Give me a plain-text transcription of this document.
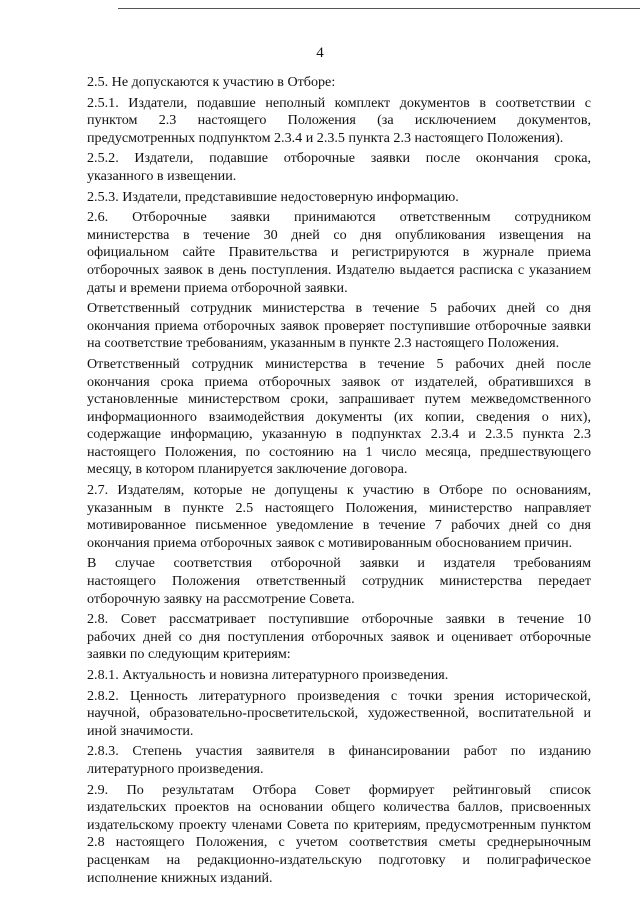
4

2.5. Не допускаются к участию в Отборе:

2.5.1. Издатели, подавшие неполный комплект документов в соответствии с
пунктом 2.3 настоящего Положения (за исключением документов,
предусмотренных подпунктом 2.3.4 и 2.3.5 пункта 2.3 настоящего Положения).

2.5.2. Издатели, подавшие отборочные заявки после окончания срока,
указанного в извещении.

2.5.3. Издатели, представившие недостоверную информацию.

2.6. Отборочные заявки принимаются ответственным сотрудником
министерства в течение 30 дней со дня опубликования извещения на
официальном сайте Правительства и регистрируются в журнале приема
отборочных заявок в день поступления. Издателю выдается расписка с указанием
даты и времени приема отборочной заявки.

Ответственный сотрудник министерства в течение 5 рабочих дней со дня
окончания приема отборочных заявок проверяет поступившие отборочные заявки
на соответствие требованиям, указанным в пункте 2.3 настоящего Положения.

Ответственный сотрудник министерства в течение 5 рабочих дней после
окончания срока приема отборочных заявок от издателей, обратившихся в
установленные министерством сроки, запрашивает путем межведомственного
информационного взаимодействия документы (их копии, сведения о них),
содержащие информацию, указанную в подпунктах 2.3.4 и 2.3.5 пункта 2.3
настоящего Положения, по состоянию на 1 число месяца, предшествующего
месяцу, в котором планируется заключение договора.

2.7. Издателям, которые не допущены к участию в Отборе по основаниям,
указанным в пункте 2.5 настоящего Положения, министерство направляет
мотивированное письменное уведомление в течение 7 рабочих дней со дня
окончания приема отборочных заявок с мотивированным обоснованием причин.

В случае соответствия отборочной заявки и издателя требованиям
настоящего Положения ответственный сотрудник министерства передает
отборочную заявку на рассмотрение Совета.

2.8. Совет рассматривает поступившие отборочные заявки в течение 10
рабочих дней со дня поступления отборочных заявок и оценивает отборочные
заявки по следующим критериям:

2.8.1. Актуальность и новизна литературного произведения.

2.8.2. Ценность литературного произведения с точки зрения исторической,
научной, образовательно-просветительской, художественной, воспитательной и
иной значимости.

2.8.3. Степень участия заявителя в финансировании работ по изданию
литературного произведения.

2.9. По результатам Отбора Совет формирует рейтинговый список
издательских проектов на основании общего количества баллов, присвоенных
издательскому проекту членами Совета по критериям, предусмотренным пунктом
2.8 настоящего Положения, с учетом соответствия сметы среднерыночным
расценкам на редакционно-издательскую подготовку и полиграфическое
исполнение книжных изданий.
